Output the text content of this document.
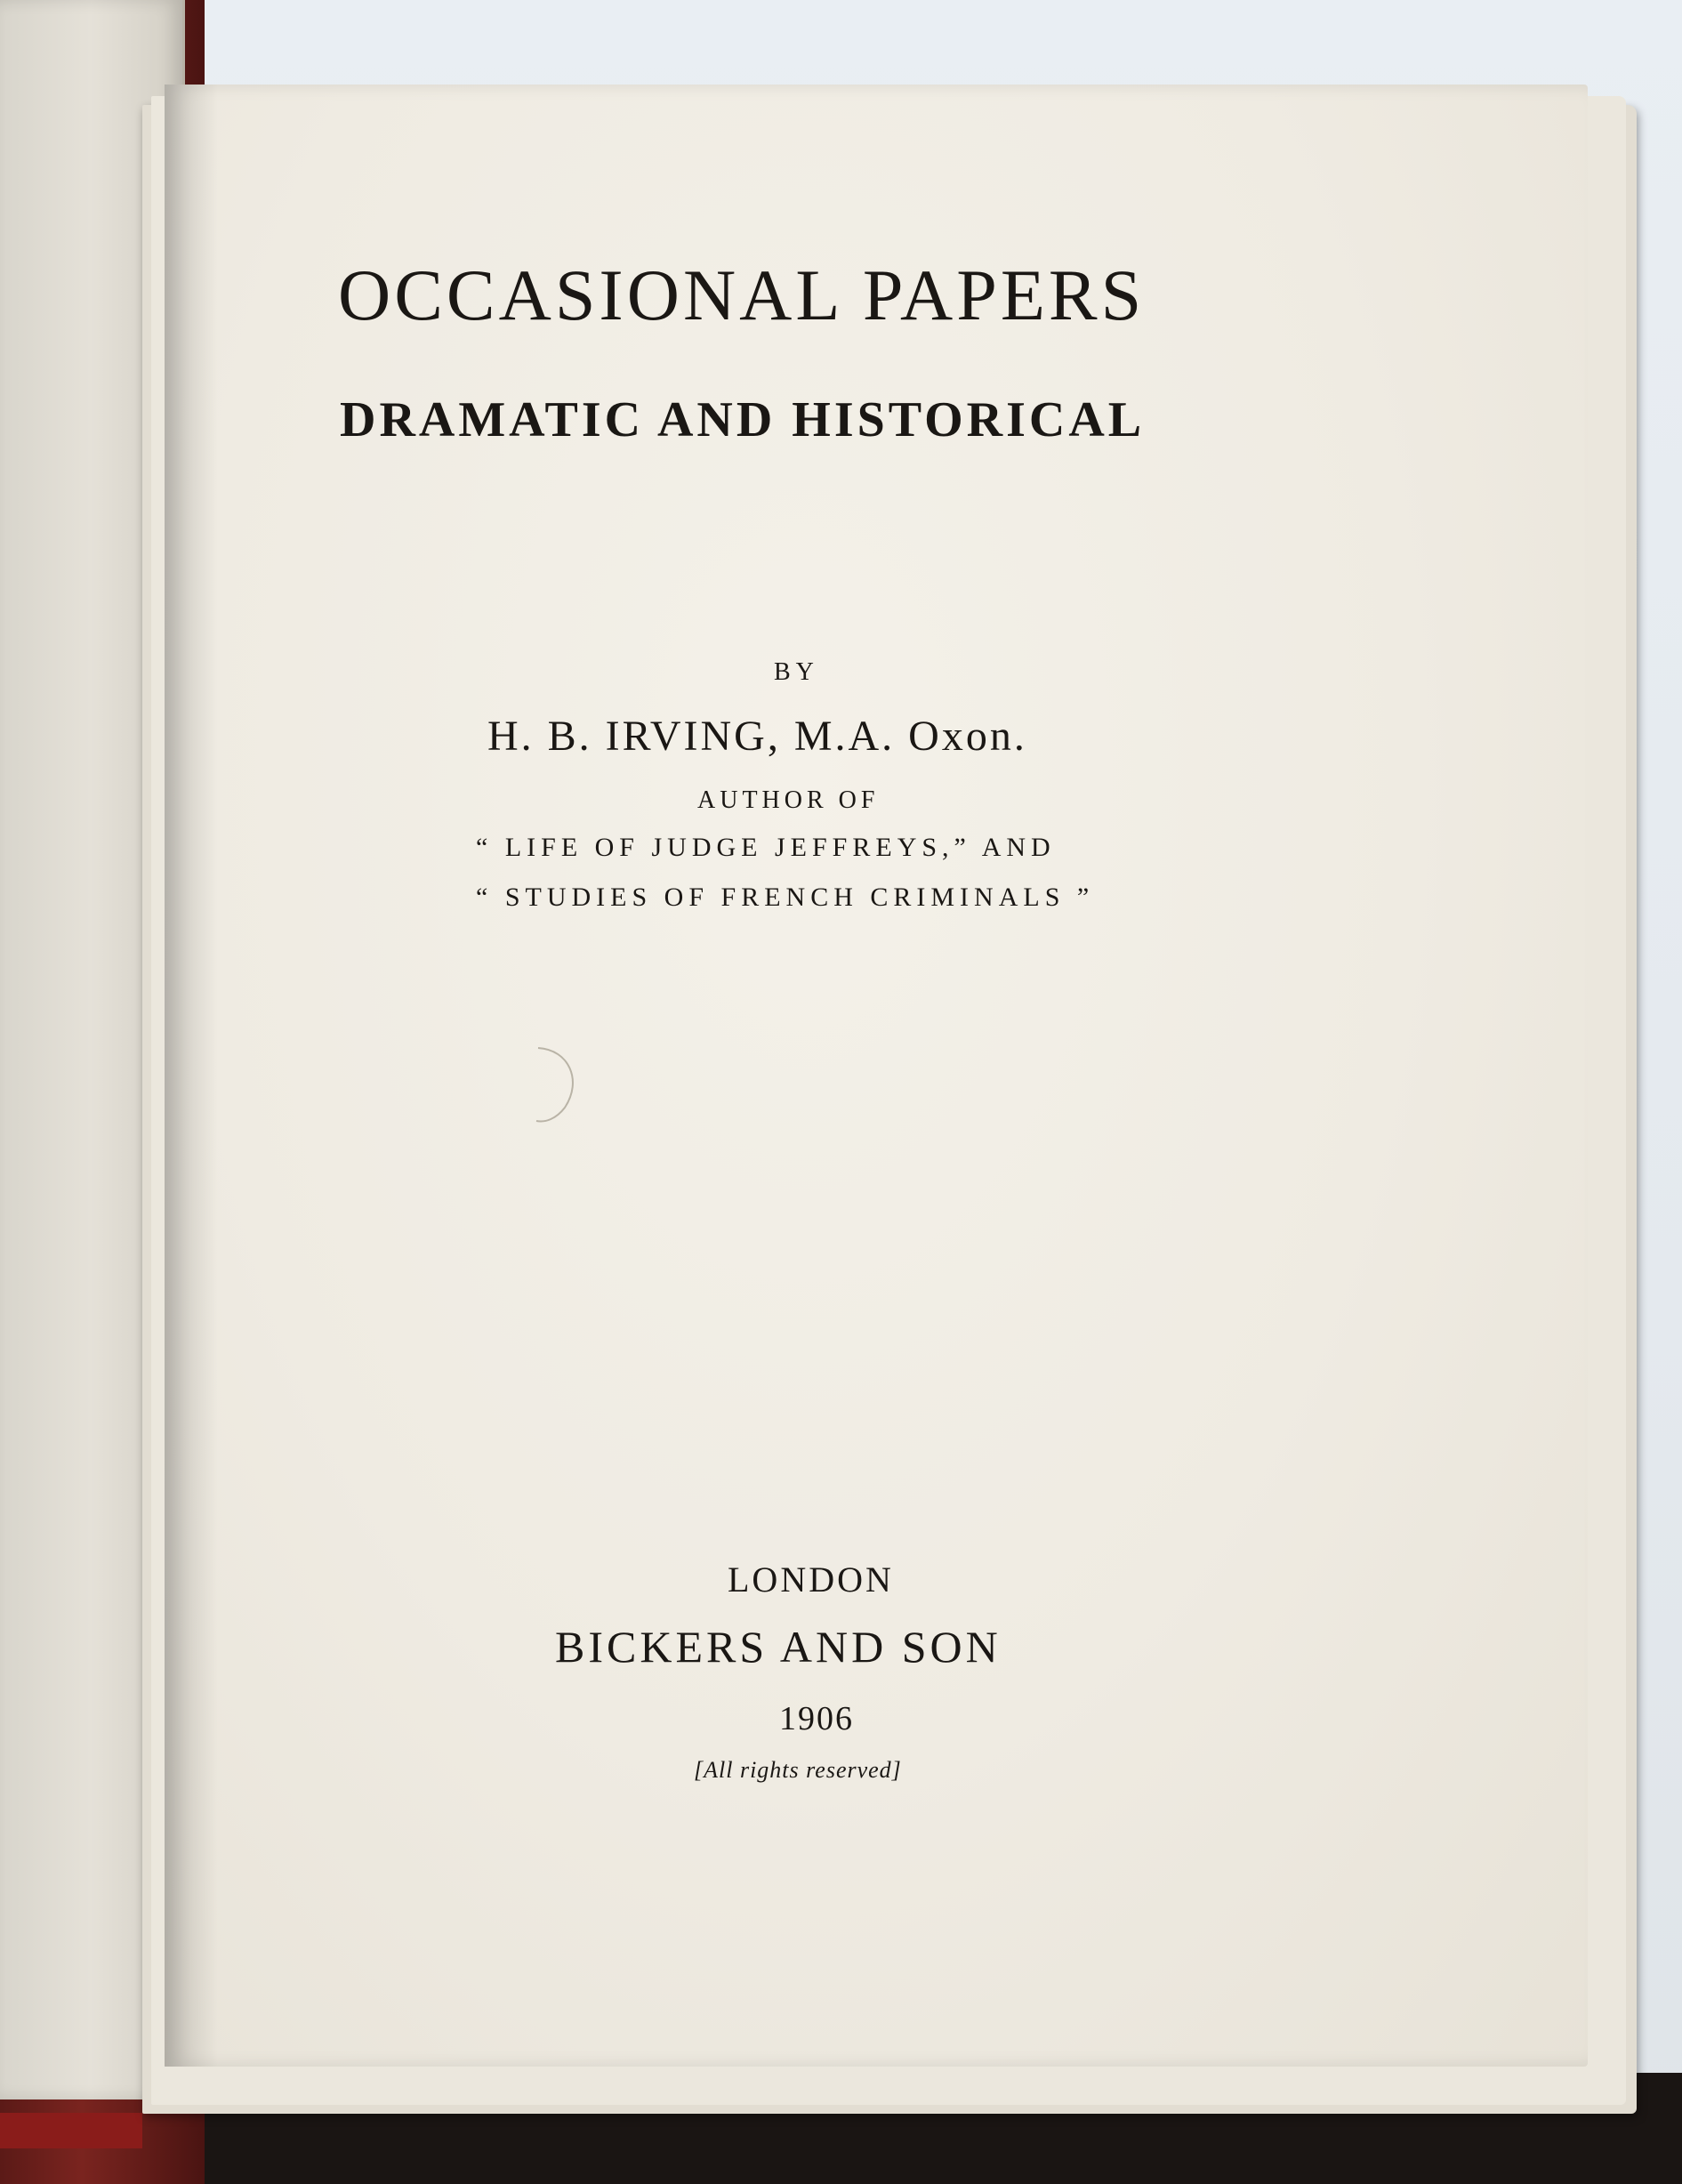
OCCASIONAL PAPERS
DRAMATIC AND HISTORICAL

BY

H. B. IRVING, M.A. Oxon.

AUTHOR OF

“ LIFE OF JUDGE JEFFREYS,” AND

“ STUDIES OF FRENCH CRIMINALS ”

LONDON

BICKERS AND SON

1906

[All rights reserved]
